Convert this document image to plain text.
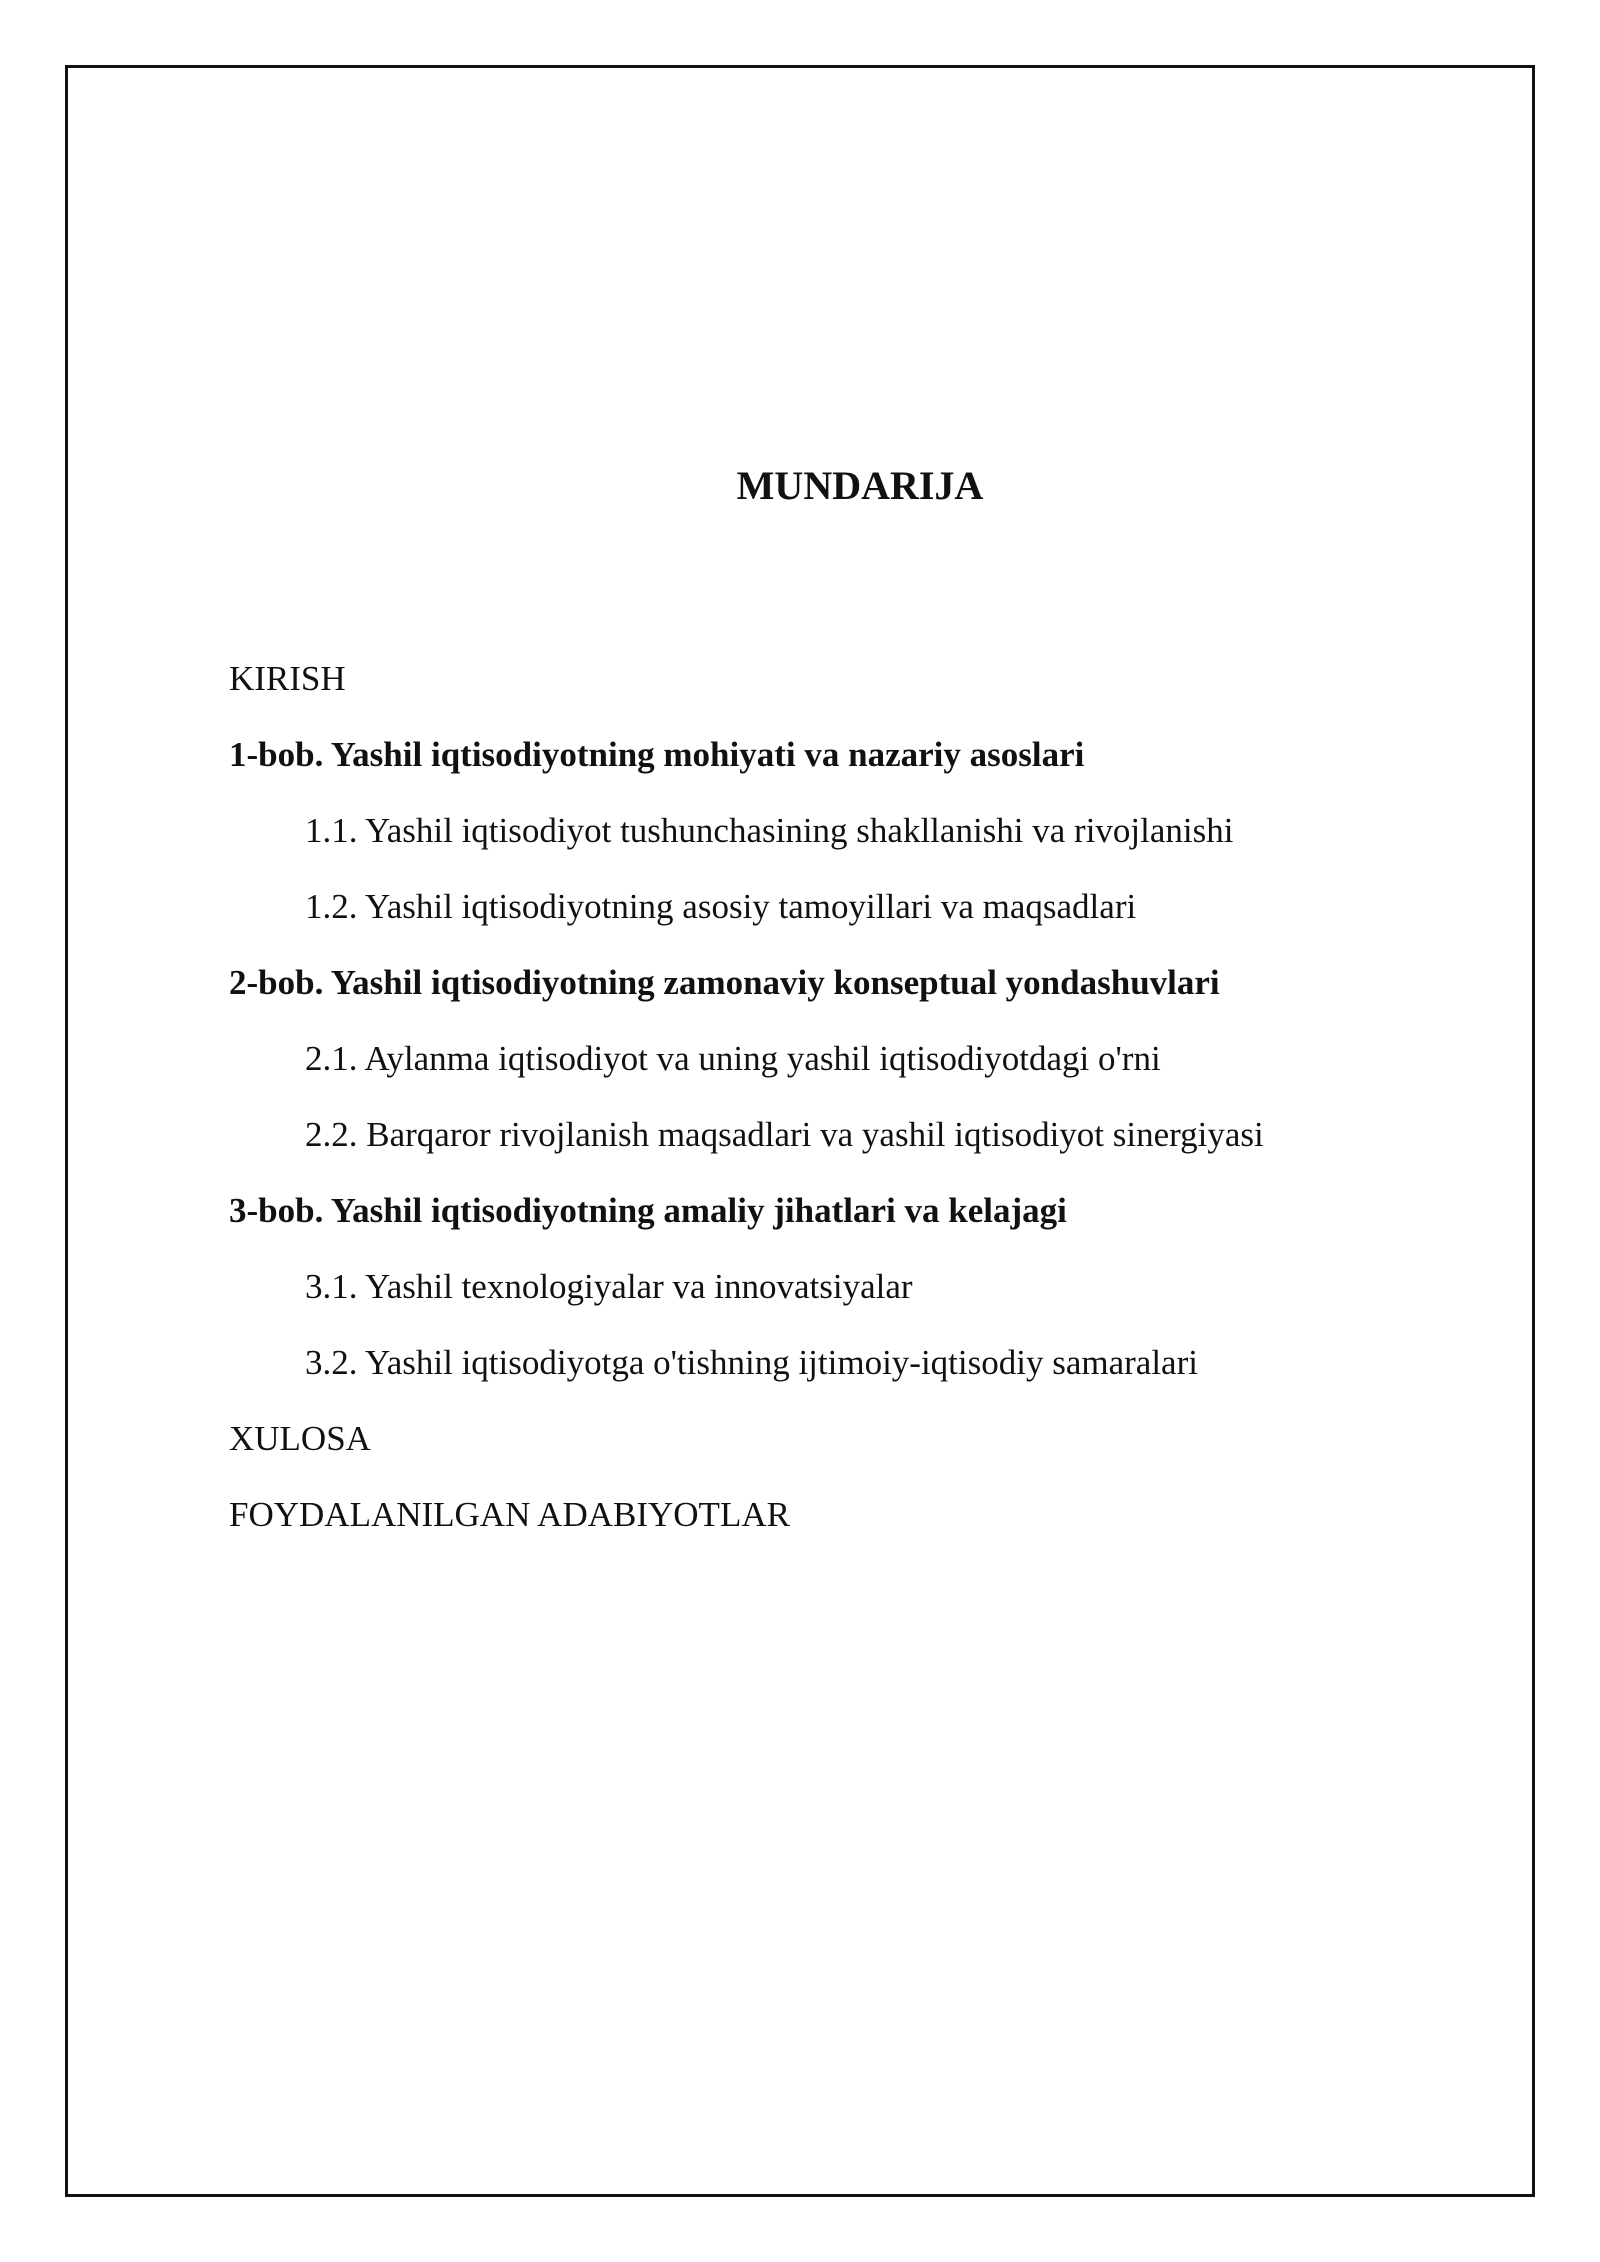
MUNDARIJA
KIRISH
1-bob. Yashil iqtisodiyotning mohiyati va nazariy asoslari
1.1. Yashil iqtisodiyot tushunchasining shakllanishi va rivojlanishi
1.2. Yashil iqtisodiyotning asosiy tamoyillari va maqsadlari
2-bob. Yashil iqtisodiyotning zamonaviy konseptual yondashuvlari
2.1. Aylanma iqtisodiyot va uning yashil iqtisodiyotdagi o'rni
2.2. Barqaror rivojlanish maqsadlari va yashil iqtisodiyot sinergiyasi
3-bob. Yashil iqtisodiyotning amaliy jihatlari va kelajagi
3.1. Yashil texnologiyalar va innovatsiyalar
3.2. Yashil iqtisodiyotga o'tishning ijtimoiy-iqtisodiy samaralari
XULOSA
FOYDALANILGAN ADABIYOTLAR
